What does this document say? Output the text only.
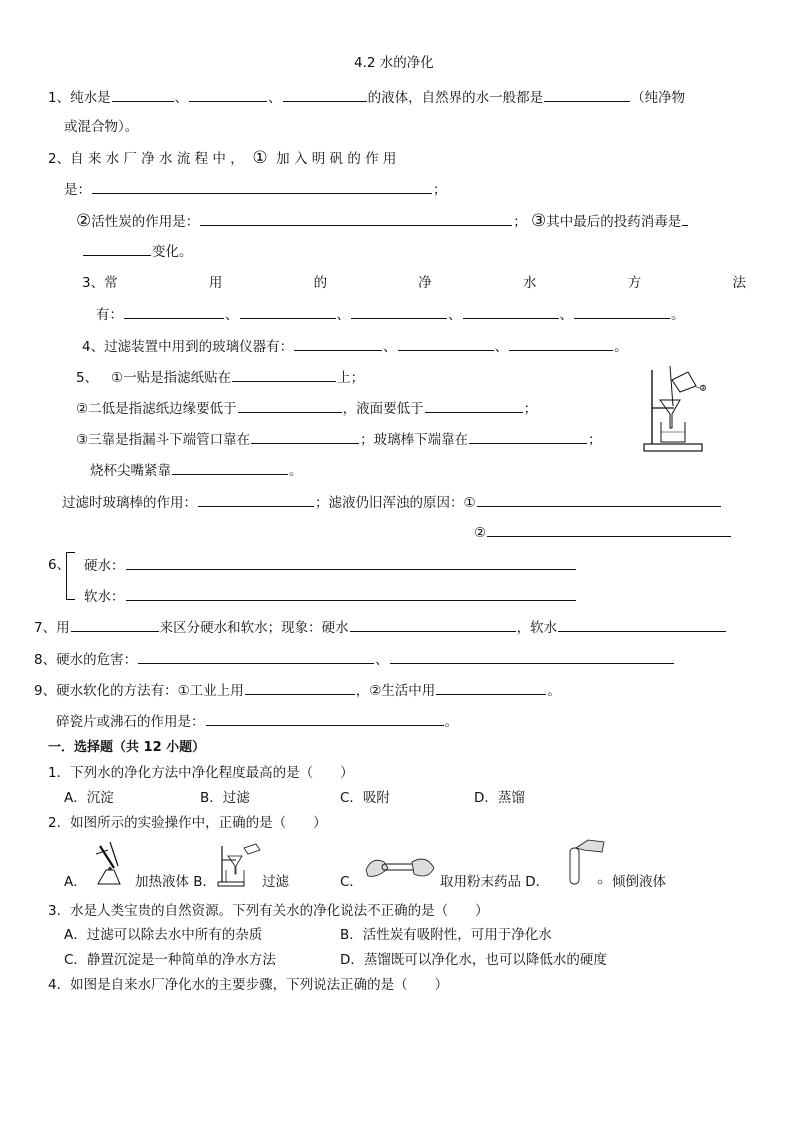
4.2 水的净化
1、纯水是	、	、	的液体，自然界的水一般都是	（纯净物
或混合物）。
2、自 来 水 厂 净 水 流 程 中 ， ① 加 入 明 矾 的 作 用
是：	；
②活性炭的作用是：	； ③其中最后的投药消毒是
变化。
3、常	用	的	净	水	方	法
有：	、	、	、	、	。
4、过滤装置中用到的玻璃仪器有：	、	、	。
5、 ①一贴是指滤纸贴在	上；
②二低是指滤纸边缘要低于	，液面要低于	；
③三靠是指漏斗下端管口靠在	；玻璃棒下端靠在	；
烧杯尖嘴紧靠	。
过滤时玻璃棒的作用：	；滤液仍旧浑浊的原因：①
②
①
6、 硬水：
软水：
7、用	来区分硬水和软水；现象：硬水	，软水
8、硬水的危害：	、
9、硬水软化的方法有：①工业上用	，②生活中用	。
碎瓷片或沸石的作用是：	。
一．选择题（共 12 小题）
1．下列水的净化方法中净化程度最高的是（　　）
A．沉淀	B．过滤	C．吸附	D．蒸馏
2．如图所示的实验操作中，正确的是（　　）
A．	加热液体 B．	过滤	C．	取用粉末药品 D．	倾倒液体
3．水是人类宝贵的自然资源。下列有关水的净化说法不正确的是（　　）
A．过滤可以除去水中所有的杂质	B．活性炭有吸附性，可用于净化水
C．静置沉淀是一种简单的净水方法	D．蒸馏既可以净化水，也可以降低水的硬度
4．如图是自来水厂净化水的主要步骤，下列说法正确的是（　　）
